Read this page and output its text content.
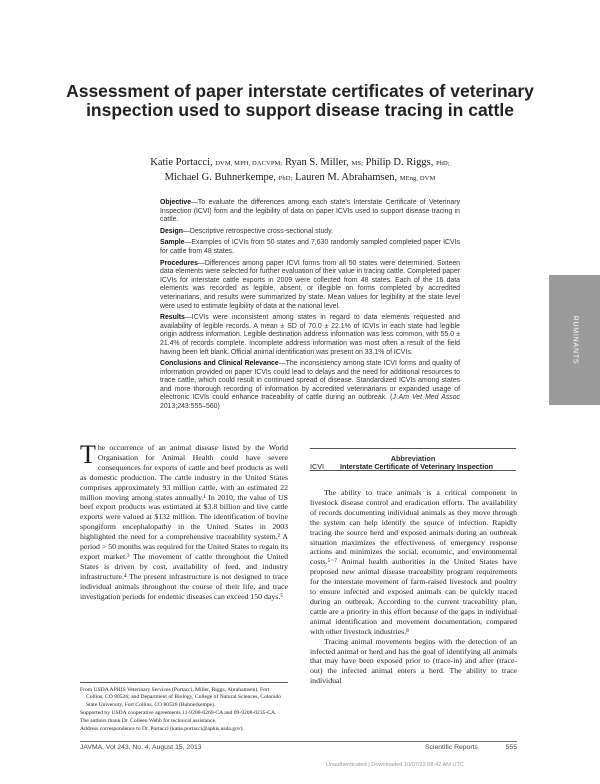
Assessment of paper interstate certificates of veterinary inspection used to support disease tracing in cattle
Katie Portacci, DVM, MPH, DACVPM; Ryan S. Miller, MS; Philip D. Riggs, PhD;
Michael G. Buhnerkempe, PhD; Lauren M. Abrahamsen, MEng, DVM

Objective—To evaluate the differences among each state's Interstate Certificate of Veterinary Inspection (ICVI) form and the legibility of data on paper ICVIs used to support disease tracing in cattle.

Design—Descriptive retrospective cross-sectional study.

Sample—Examples of ICVIs from 50 states and 7,630 randomly sampled completed paper ICVIs for cattle from 48 states.

Procedures—Differences among paper ICVI forms from all 50 states were determined. Sixteen data elements were selected for further evaluation of their value in tracing cattle. Completed paper ICVIs for interstate cattle exports in 2009 were collected from 48 states. Each of the 16 data elements was recorded as legible, absent, or illegible on forms completed by accredited veterinarians, and results were summarized by state. Mean values for legibility at the state level were used to estimate legibility of data at the national level.

Results—ICVIs were inconsistent among states in regard to data elements requested and availability of legible records. A mean ± SD of 70.0 ± 22.1% of ICVIs in each state had legible origin address information. Legible destination address information was less common, with 55.0 ± 21.4% of records complete. Incomplete address information was most often a result of the field having been left blank. Official animal identification was present on 33.1% of ICVIs.

Conclusions and Clinical Relevance—The inconsistency among state ICVI forms and quality of information provided on paper ICVIs could lead to delays and the need for additional resources to trace cattle, which could result in continued spread of disease. Standardized ICVIs among states and more thorough recording of information by accredited veterinarians or expanded usage of electronic ICVIs could enhance traceability of cattle during an outbreak. (J Am Vet Med Assoc 2013;243:555–560)

RUMINANTS
The occurrence of an animal disease listed by the World Organisation for Animal Health could have severe consequences for exports of cattle and beef products as well as domestic production. The cattle industry in the United States comprises approximately 93 million cattle, with an estimated 22 million moving among states annually.¹ In 2010, the value of US beef export products was estimated at $3.8 billion and live cattle exports were valued at $132 million. The identification of bovine spongiform encephalopathy in the United States in 2003 highlighted the need for a comprehensive traceability system.² A period > 50 months was required for the United States to regain its export market.³ The movement of cattle throughout the United States is driven by cost, availability of feed, and industry infrastructure.⁴ The present infrastructure is not designed to trace individual animals throughout the course of their life, and trace investigation periods for endemic diseases can exceed 150 days.⁵

From USDA APHIS Veterinary Services (Portacci, Miller, Riggs, Abrahamsen), Fort Collins, CO 80526; and Department of Biology, College of Natural Sciences, Colorado State University, Fort Collins, CO 80526 (Buhnerkempe).

Supported by USDA cooperative agreements 11-9208-0269-CA and 09-9208-0235-CA.

The authors thank Dr. Colleen Webb for technical assistance.

Address correspondence to Dr. Portacci (katie.portacci@aphis.usda.gov).

Abbreviation
ICVI Interstate Certificate of Veterinary Inspection

The ability to trace animals is a critical component in livestock disease control and eradication efforts. The availability of records documenting individual animals as they move through the system can help identify the source of infection. Rapidly tracing the source herd and exposed animals during an outbreak situation maximizes the effectiveness of emergency response actions and minimizes the social, economic, and environmental costs.⁵⁻⁷ Animal health authorities in the United States have proposed new animal disease traceability program requirements for the interstate movement of farm-raised livestock and poultry to ensure infected and exposed animals can be quickly traced during an outbreak. According to the current traceability plan, cattle are a priority in this effort because of the gaps in individual animal identification and movement documentation, compared with other livestock industries.⁸

Tracing animal movements begins with the detection of an infected animal or herd and has the goal of identifying all animals that may have been exposed prior to (trace-in) and after (trace-out) the infected animal enters a herd. The ability to trace individual

JAVMA, Vol 243, No. 4, August 15, 2013	Scientific Reports	555
Unauthenticated | Downloaded 10/07/22 08:42 AM UTC
